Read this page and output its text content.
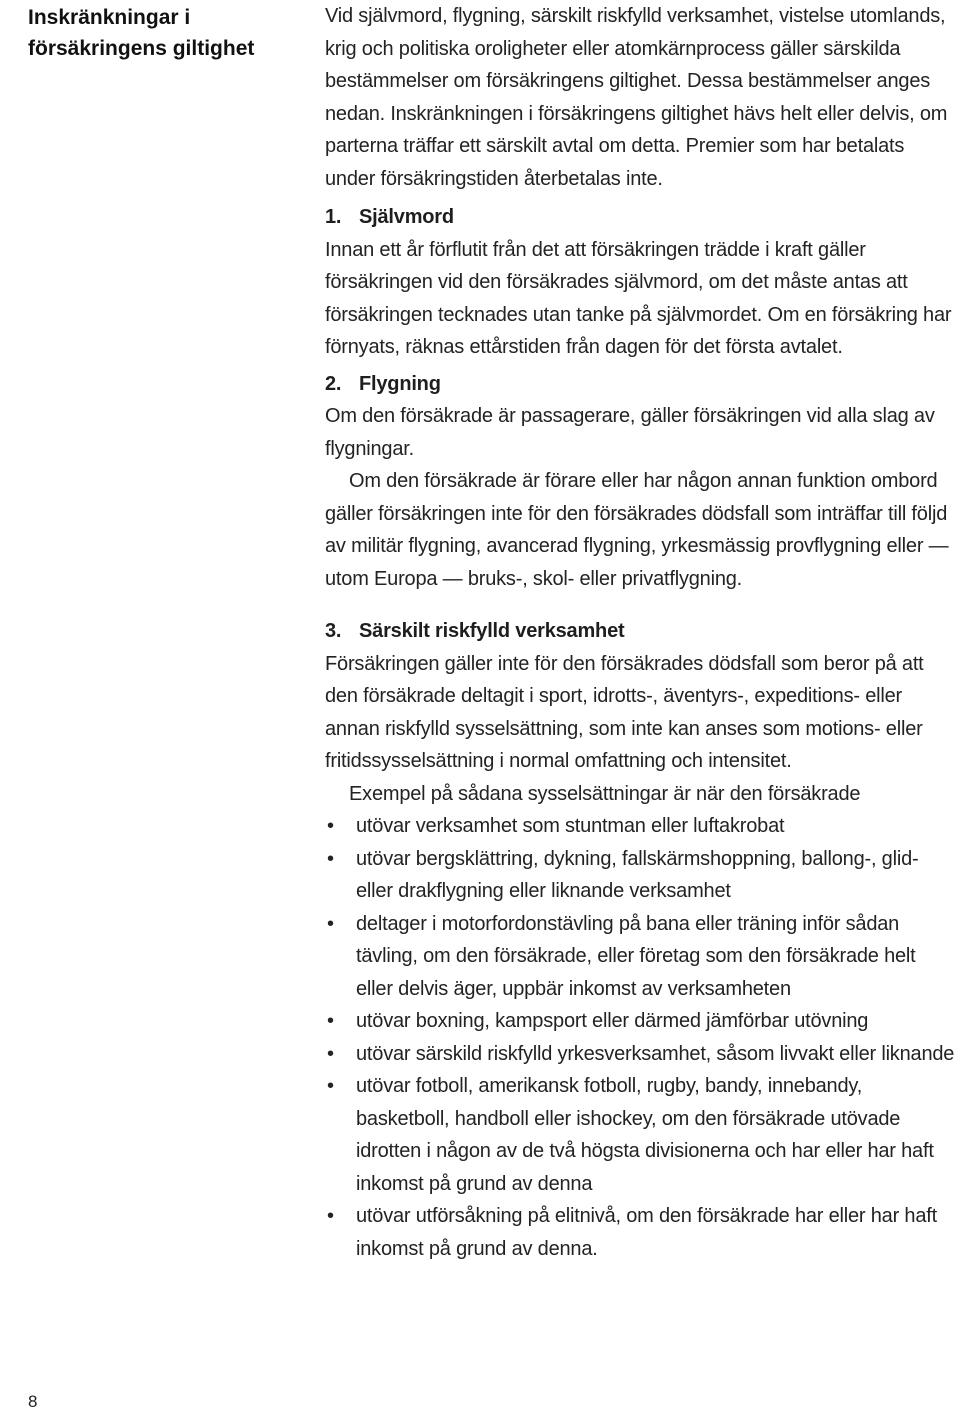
Inskränkningar i försäkringens giltighet

Vid självmord, flygning, särskilt riskfylld verksamhet, vistelse utomlands, krig och politiska oroligheter eller atomkärnprocess gäller särskilda bestämmelser om försäkringens giltighet. Dessa bestämmelser anges nedan. Inskränkningen i försäkringens giltighet hävs helt eller delvis, om parterna träffar ett särskilt avtal om detta. Premier som har betalats under försäkringstiden återbetalas inte.

1. Självmord

Innan ett år förflutit från det att försäkringen trädde i kraft gäller försäkringen vid den försäkrades självmord, om det måste antas att försäkringen tecknades utan tanke på självmordet. Om en försäkring har förnyats, räknas ettårstiden från dagen för det första avtalet.

2. Flygning

Om den försäkrade är passagerare, gäller försäkringen vid alla slag av flygningar.

Om den försäkrade är förare eller har någon annan funktion ombord gäller försäkringen inte för den försäkrades dödsfall som inträffar till följd av militär flygning, avancerad flygning, yrkesmässig provflygning eller — utom Europa — bruks-, skol- eller privatflygning.

3. Särskilt riskfylld verksamhet

Försäkringen gäller inte för den försäkrades dödsfall som beror på att den försäkrade deltagit i sport, idrotts-, äventyrs-, expeditions- eller annan riskfylld sysselsättning, som inte kan anses som motions- eller fritidssysselsättning i normal omfattning och intensitet.

Exempel på sådana sysselsättningar är när den försäkrade

• utövar verksamhet som stuntman eller luftakrobat
• utövar bergsklättring, dykning, fallskärmshoppning, ballong-, glid- eller drakflygning eller liknande verksamhet
• deltager i motorfordonstävling på bana eller träning inför sådan tävling, om den försäkrade, eller företag som den försäkrade helt eller delvis äger, uppbär inkomst av verksamheten
• utövar boxning, kampsport eller därmed jämförbar utövning
• utövar särskild riskfylld yrkesverksamhet, såsom livvakt eller liknande
• utövar fotboll, amerikansk fotboll, rugby, bandy, innebandy, basketboll, handboll eller ishockey, om den försäkrade utövade idrotten i någon av de två högsta divisionerna och har eller har haft inkomst på grund av denna
• utövar utförsåkning på elitnivå, om den försäkrade har eller har haft inkomst på grund av denna.
8
